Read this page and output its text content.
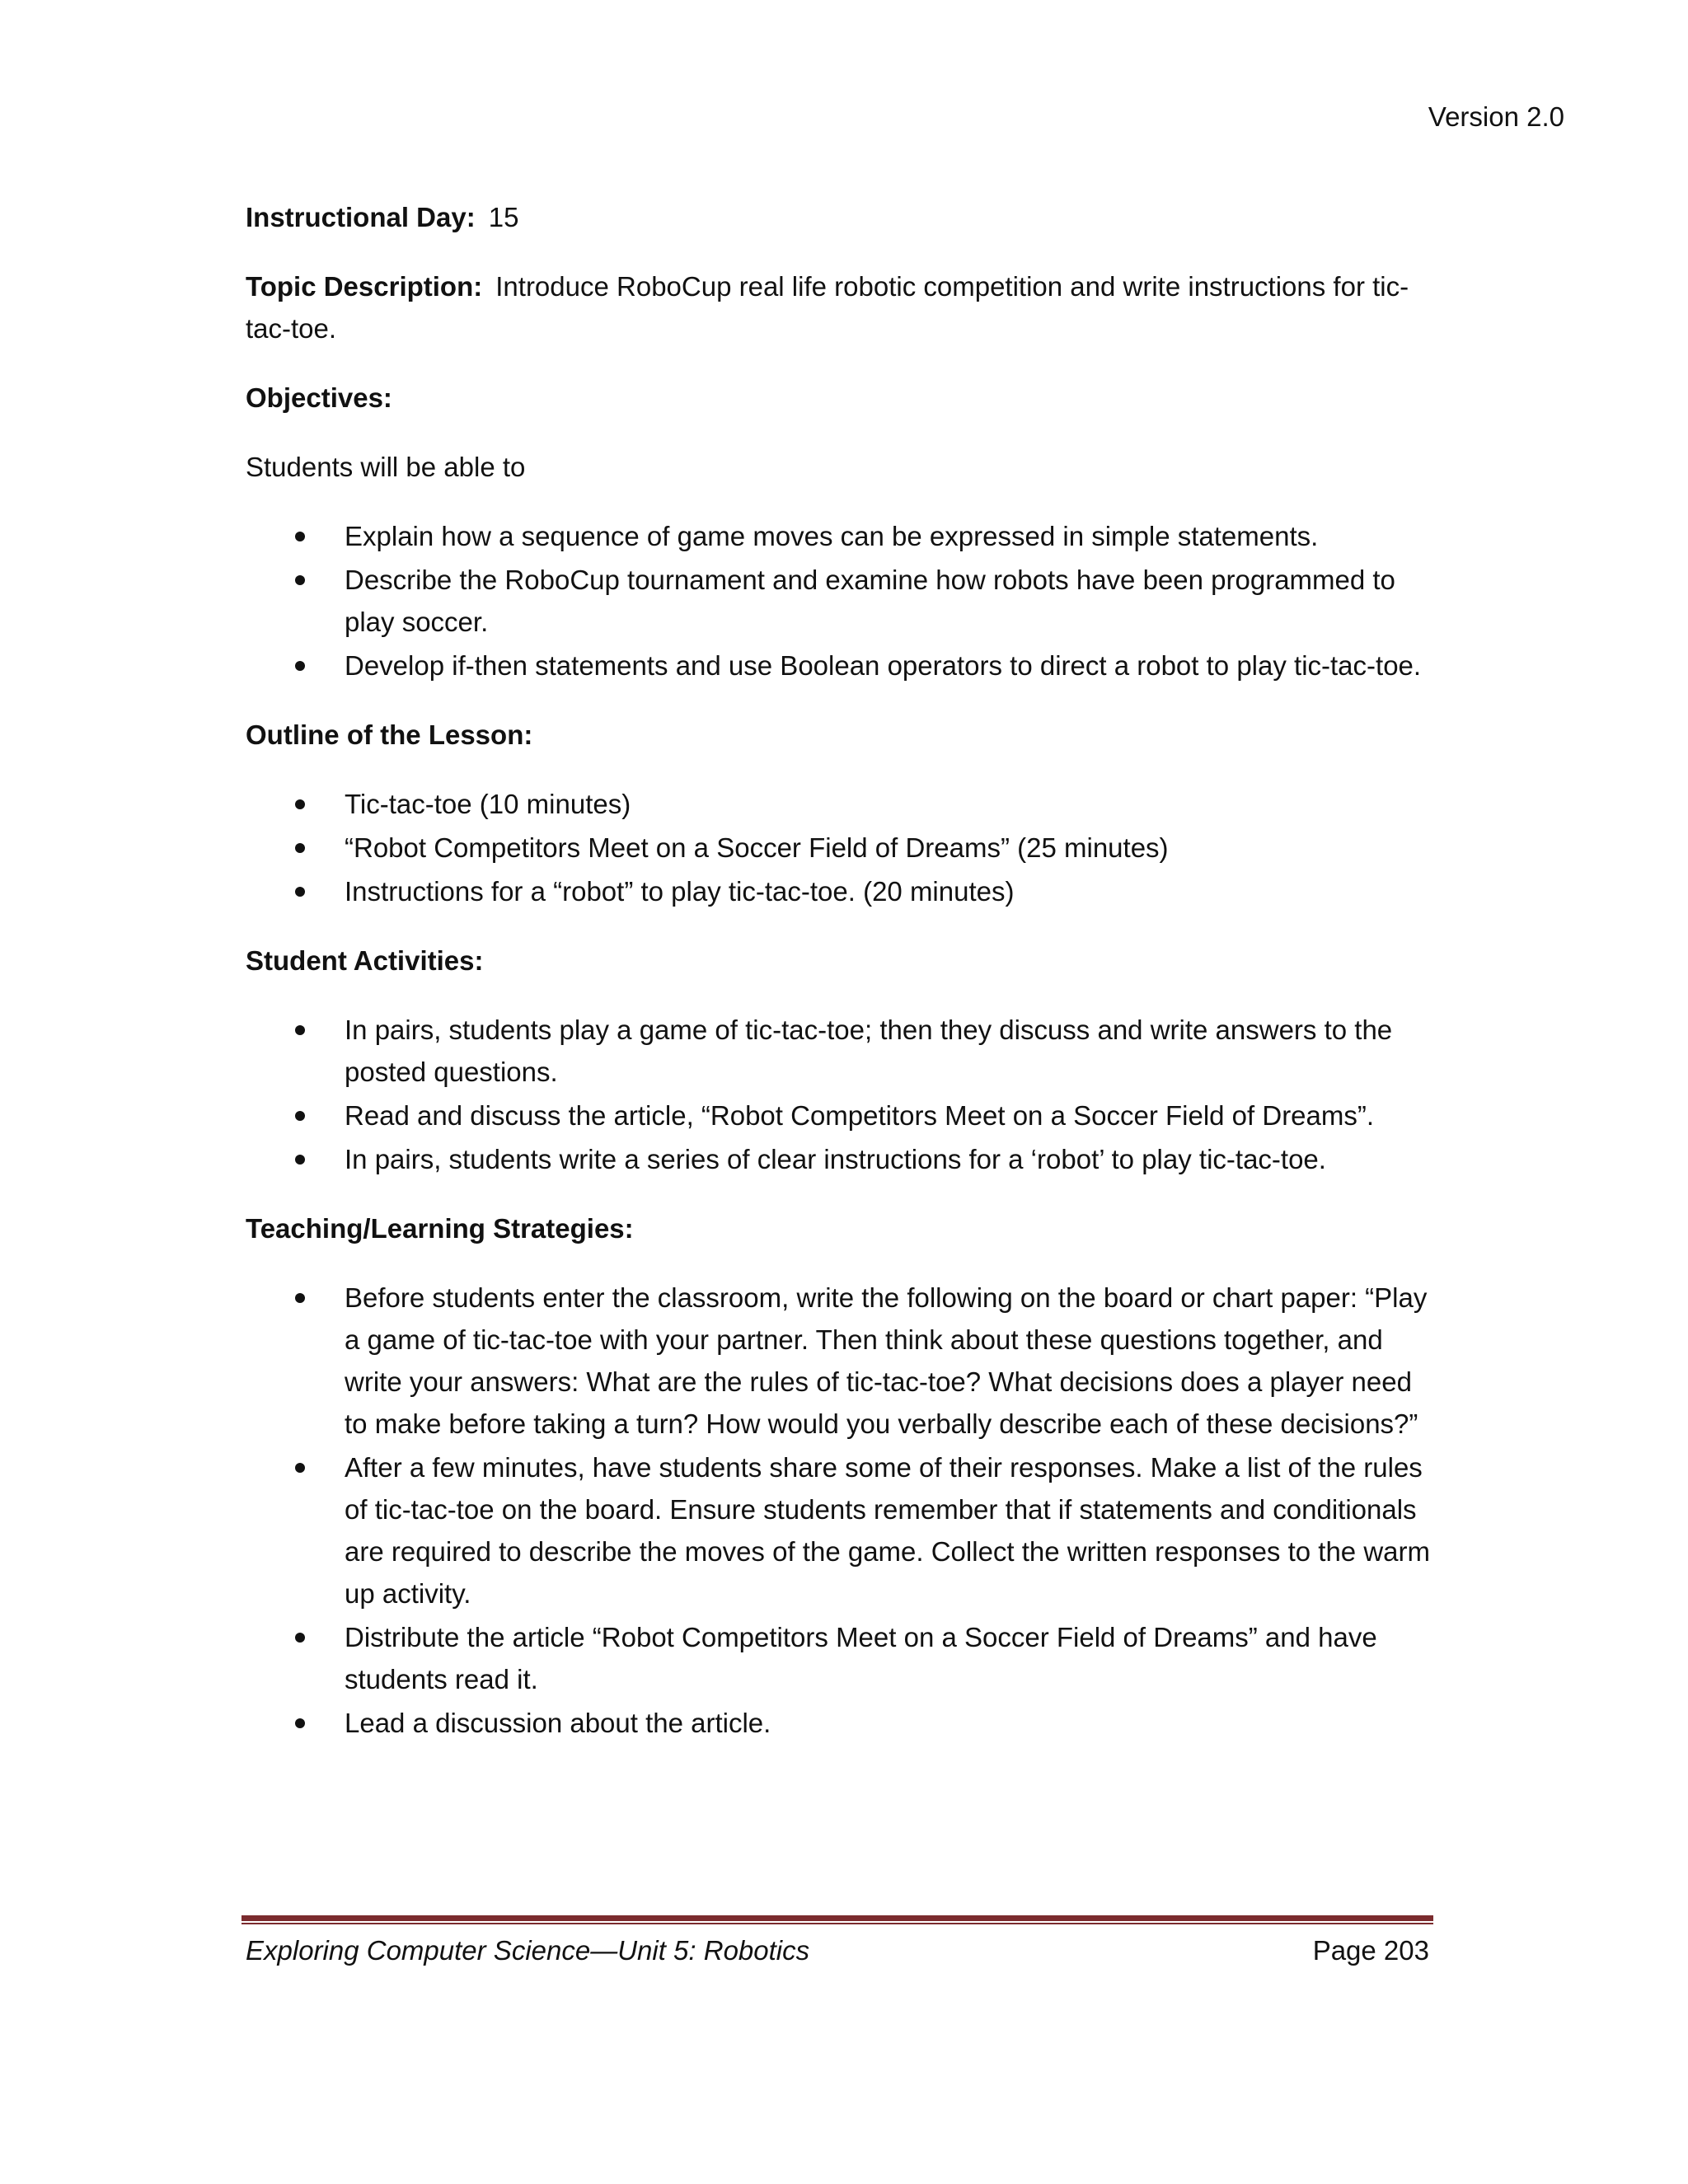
Version 2.0
Instructional Day: 15
Topic Description: Introduce RoboCup real life robotic competition and write instructions for tic-tac-toe.
Objectives:
Students will be able to
Explain how a sequence of game moves can be expressed in simple statements.
Describe the RoboCup tournament and examine how robots have been programmed to play soccer.
Develop if-then statements and use Boolean operators to direct a robot to play tic-tac-toe.
Outline of the Lesson:
Tic-tac-toe (10 minutes)
“Robot Competitors Meet on a Soccer Field of Dreams” (25 minutes)
Instructions for a “robot” to play tic-tac-toe. (20 minutes)
Student Activities:
In pairs, students play a game of tic-tac-toe; then they discuss and write answers to the posted questions.
Read and discuss the article, “Robot Competitors Meet on a Soccer Field of Dreams”.
In pairs, students write a series of clear instructions for a ‘robot’ to play tic-tac-toe.
Teaching/Learning Strategies:
Before students enter the classroom, write the following on the board or chart paper: “Play a game of tic-tac-toe with your partner. Then think about these questions together, and write your answers: What are the rules of tic-tac-toe? What decisions does a player need to make before taking a turn? How would you verbally describe each of these decisions?”
After a few minutes, have students share some of their responses. Make a list of the rules of tic-tac-toe on the board. Ensure students remember that if statements and conditionals are required to describe the moves of the game. Collect the written responses to the warm up activity.
Distribute the article “Robot Competitors Meet on a Soccer Field of Dreams” and have students read it.
Lead a discussion about the article.
Exploring Computer Science—Unit 5: Robotics	Page 203
